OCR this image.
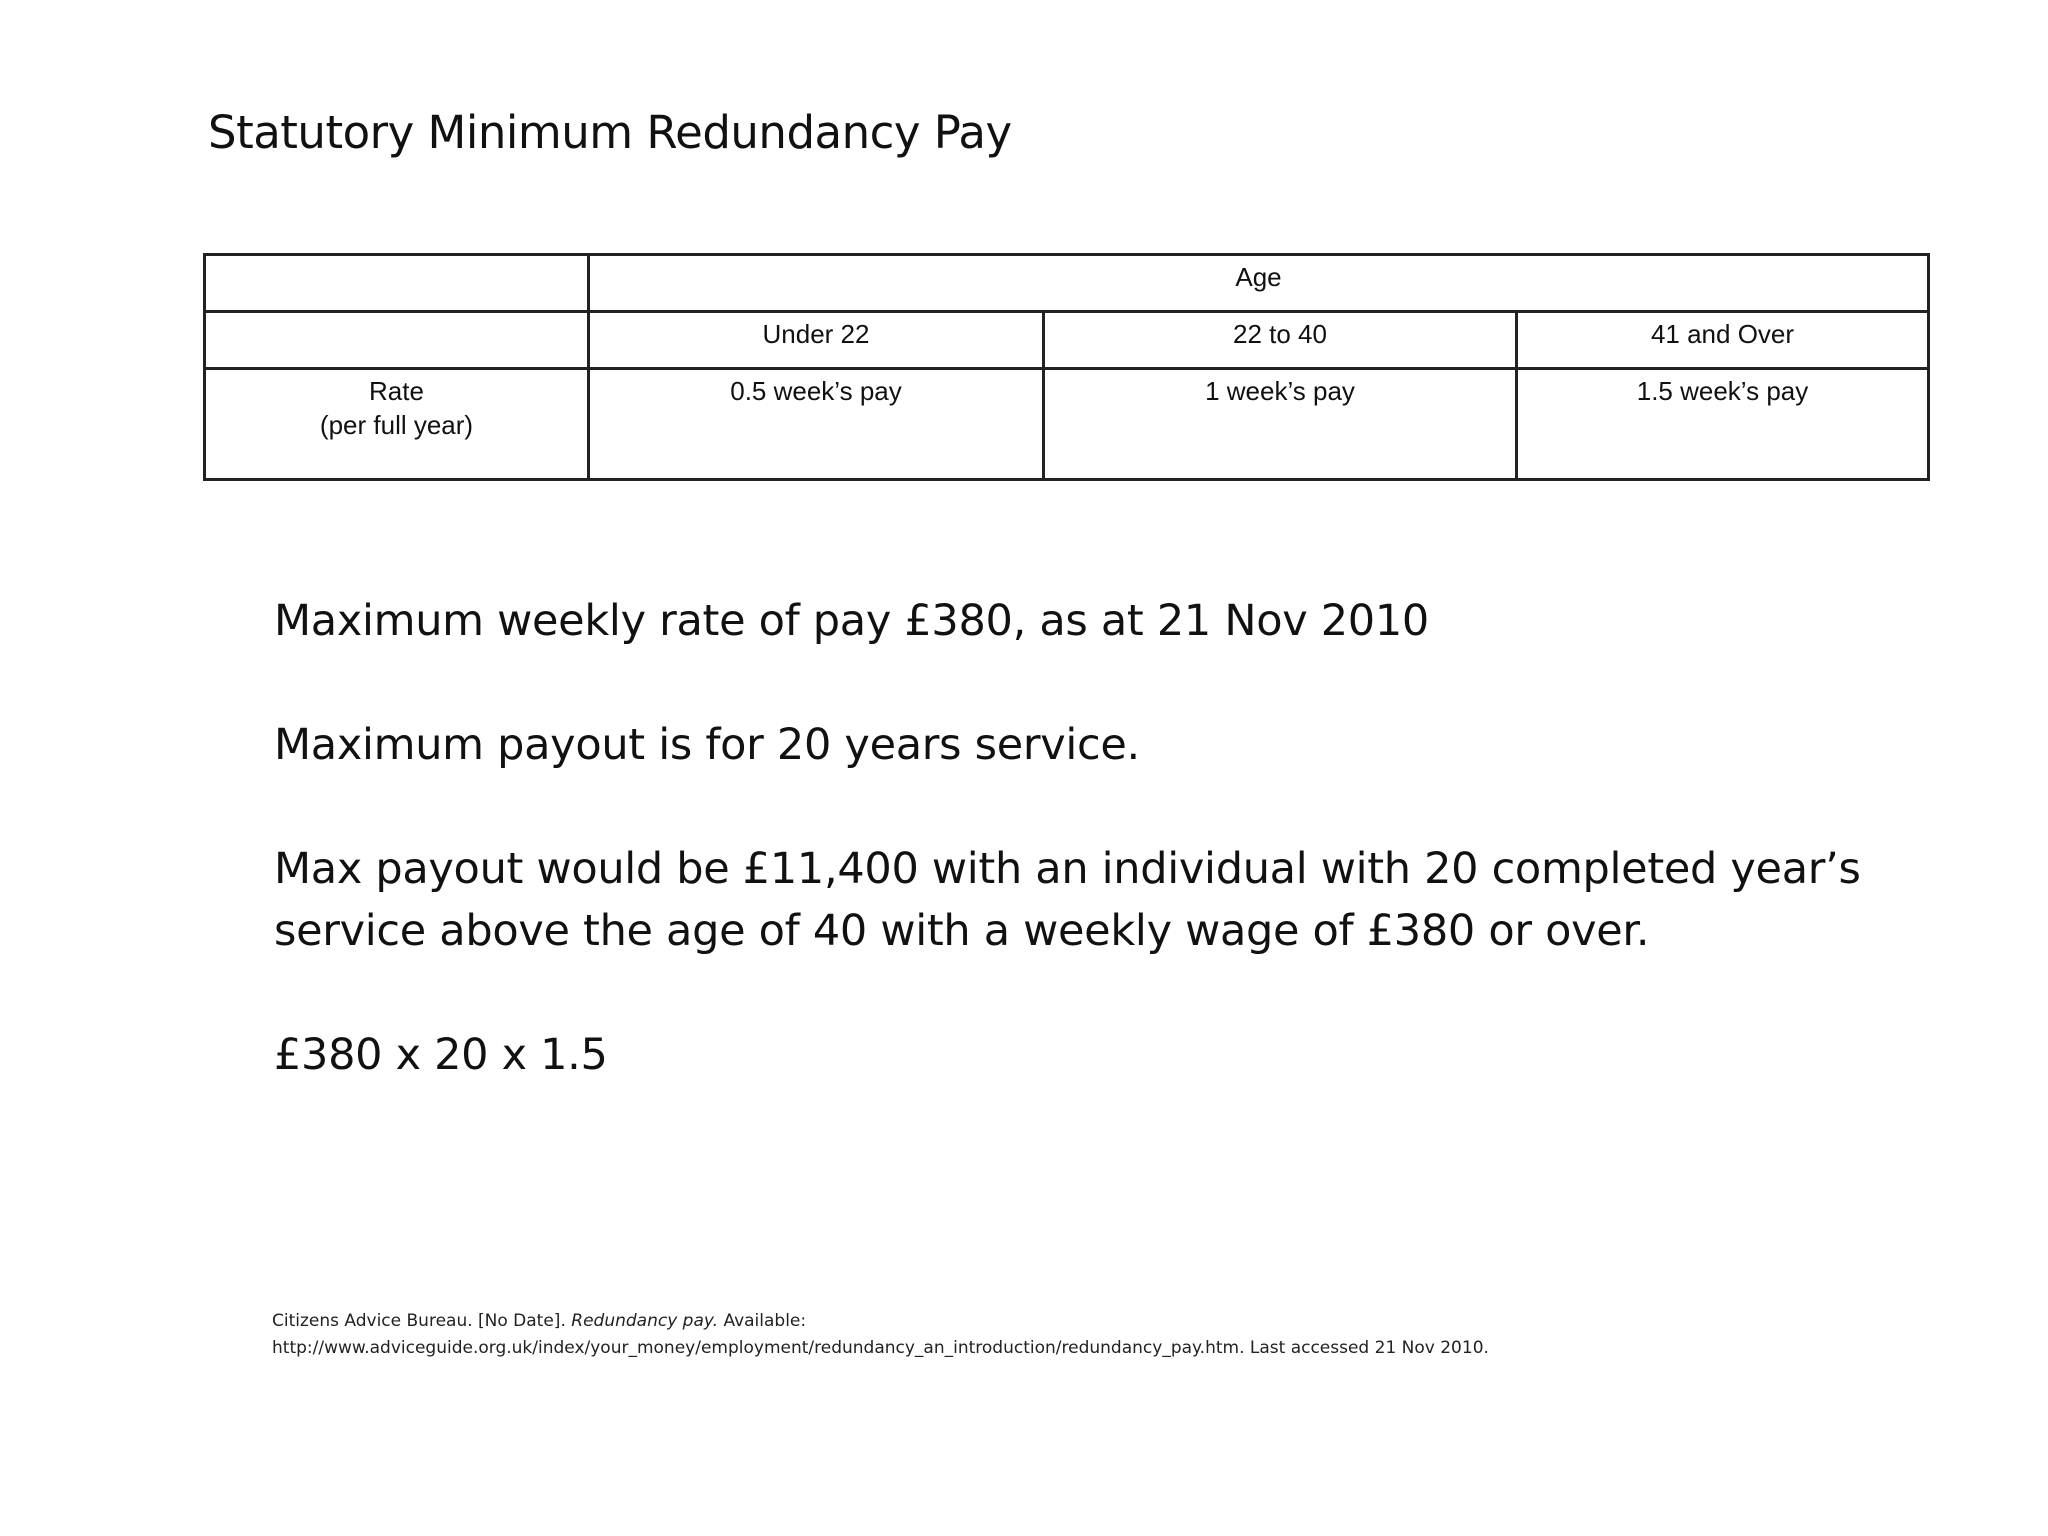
Statutory Minimum Redundancy Pay
	Age		
	Under 22	22 to 40	41 and Over

Rate
(per full year)	0.5 week’s pay	1 week’s pay	1.5 week’s pay

Maximum weekly rate of pay £380, as at 21 Nov 2010

Maximum payout is for 20 years service.

Max payout would be £11,400 with an individual with 20 completed year’s service above the age of 40 with a weekly wage of £380 or over.

£380 x 20 x 1.5

Citizens Advice Bureau. [No Date]. Redundancy pay. Available:
http://www.adviceguide.org.uk/index/your_money/employment/redundancy_an_introduction/redundancy_pay.htm. Last accessed 21 Nov 2010.
